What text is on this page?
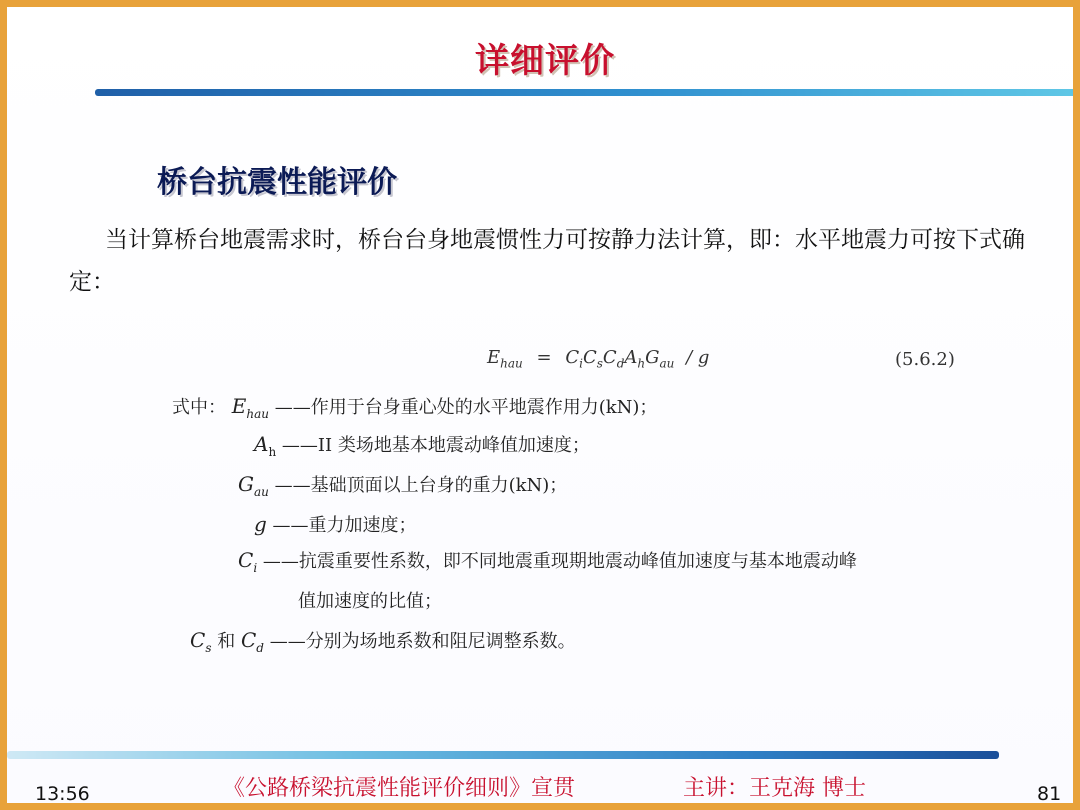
详细评价
桥台抗震性能评价
当计算桥台地震需求时，桥台台身地震惯性力可按静力法计算，即：水平地震力可按下式确定：
$E_{hau} = C_iC_sC_dA_hG_{au} / g$	(5.6.2)
式中： $E_{hau}$ ——作用于台身重心处的水平地震作用力(kN)；
$A_h$ ——II 类场地基本地震动峰值加速度；
$G_{au}$ ——基础顶面以上台身的重力(kN)；
g ——重力加速度；
$C_i$ ——抗震重要性系数，即不同地震重现期地震动峰值加速度与基本地震动峰
值加速度的比值；
$C_s$ 和 $C_d$ ——分别为场地系数和阻尼调整系数。
13:56	《公路桥梁抗震性能评价细则》宣贯	主讲：王克海 博士	81
